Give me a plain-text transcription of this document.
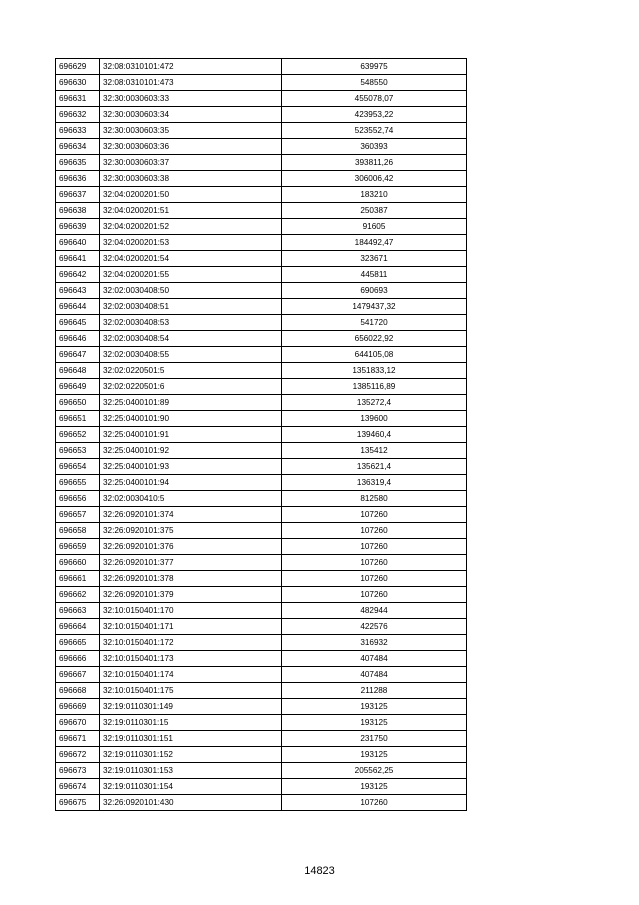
696629	32:08:0310101:472	639975
696630	32:08:0310101:473	548550
696631	32:30:0030603:33	455078,07
696632	32:30:0030603:34	423953,22
696633	32:30:0030603:35	523552,74
696634	32:30:0030603:36	360393
696635	32:30:0030603:37	393811,26
696636	32:30:0030603:38	306006,42
696637	32:04:0200201:50	183210
696638	32:04:0200201:51	250387
696639	32:04:0200201:52	91605
696640	32:04:0200201:53	184492,47
696641	32:04:0200201:54	323671
696642	32:04:0200201:55	445811
696643	32:02:0030408:50	690693
696644	32:02:0030408:51	1479437,32
696645	32:02:0030408:53	541720
696646	32:02:0030408:54	656022,92
696647	32:02:0030408:55	644105,08
696648	32:02:0220501:5	1351833,12
696649	32:02:0220501:6	1385116,89
696650	32:25:0400101:89	135272,4
696651	32:25:0400101:90	139600
696652	32:25:0400101:91	139460,4
696653	32:25:0400101:92	135412
696654	32:25:0400101:93	135621,4
696655	32:25:0400101:94	136319,4
696656	32:02:0030410:5	812580
696657	32:26:0920101:374	107260
696658	32:26:0920101:375	107260
696659	32:26:0920101:376	107260
696660	32:26:0920101:377	107260
696661	32:26:0920101:378	107260
696662	32:26:0920101:379	107260
696663	32:10:0150401:170	482944
696664	32:10:0150401:171	422576
696665	32:10:0150401:172	316932
696666	32:10:0150401:173	407484
696667	32:10:0150401:174	407484
696668	32:10:0150401:175	211288
696669	32:19:0110301:149	193125
696670	32:19:0110301:15	193125
696671	32:19:0110301:151	231750
696672	32:19:0110301:152	193125
696673	32:19:0110301:153	205562,25
696674	32:19:0110301:154	193125
696675	32:26:0920101:430	107260
14823
